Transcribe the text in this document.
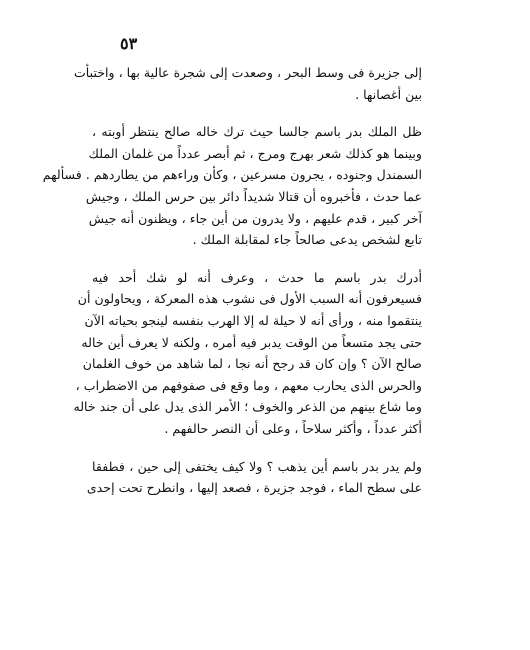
٥٣

إلى جزيرة فى وسط البحر ، وصعدت إلى شجرة عالية بها ، واختبأت
بين أغصانها .

ظل الملك بدر باسم جالسا حيث ترك خاله صالح ينتظر أوبته ،
وبينما هو كذلك شعر بهرج ومرج ، ثم أبصر عدداً من غلمان الملك
السمندل وجنوده ، يجرون مسرعين ، وكأن وراءهم من يطاردهم . فسألهم
عما حدث ، فأخبروه أن قتالا شديداً دائر بين حرس الملك ، وجيش
آخر كبير ، قدم عليهم ، ولا يدرون من أين جاء ، ويظنون أنه جيش
تابع لشخص يدعى صالحاً جاء لمقابلة الملك .

أدرك بدر باسم ما حدث ، وعرف أنه لو شك أحد فيه
فسيعرفون أنه السبب الأول فى نشوب هذه المعركة ، ويحاولون أن
ينتقموا منه ، ورأى أنه لا حيلة له إلا الهرب بنفسه لينجو بحياته الآن
حتى يجد متسعاً من الوقت يدبر فيه أمره ، ولكنه لا يعرف أين خاله
صالح الآن ؟ وإن كان قد رجح أنه نجا ، لما شاهد من خوف الغلمان
والحرس الذى يحارب معهم ، وما وقع فى صفوفهم من الاضطراب ،
وما شاع بينهم من الذعر والخوف ؛ الأمر الذى يدل على أن جند خاله
أكثر عدداً ، وأكثر سلاحاً ، وعلى أن النصر حالفهم .

ولم يدر بدر باسم أين يذهب ؟ ولا كيف يختفى إلى حين ، فطفقا
على سطح الماء ، فوجد جزيرة ، فصعد إليها ، وانطرح تحت إحدى
